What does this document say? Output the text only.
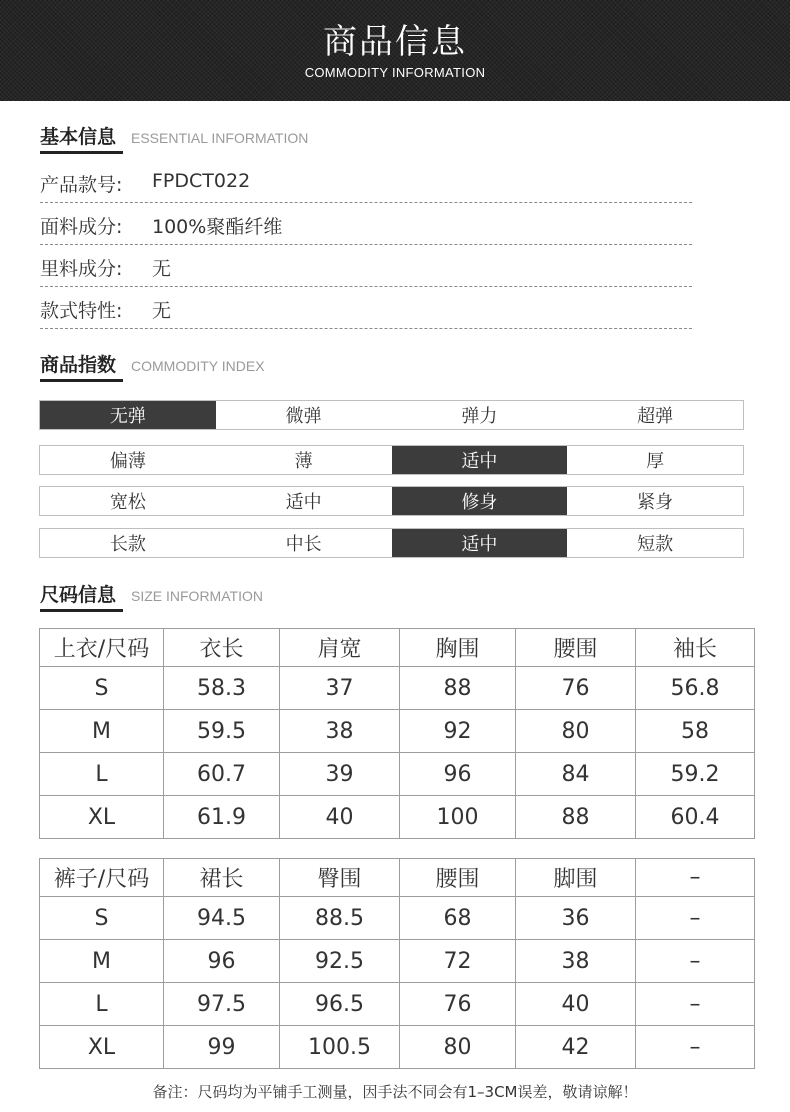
商品信息
COMMODITY INFORMATION
基本信息 ESSENTIAL INFORMATION
产品款号: FPDCT022
面料成分: 100%聚酯纤维
里料成分: 无
款式特性: 无
商品指数 COMMODITY INDEX
无弹	微弹	弹力	超弹
偏薄	薄	适中	厚
宽松	适中	修身	紧身
长款	中长	适中	短款
尺码信息 SIZE INFORMATION
上衣/尺码	衣长	肩宽	胸围	腰围	袖长
S	58.3	37	88	76	56.8
M	59.5	38	92	80	58
L	60.7	39	96	84	59.2
XL	61.9	40	100	88	60.4
裤子/尺码	裙长	臀围	腰围	脚围	–
S	94.5	88.5	68	36	–
M	96	92.5	72	38	–
L	97.5	96.5	76	40	–
XL	99	100.5	80	42	–
备注：尺码均为平铺手工测量，因手法不同会有1–3CM误差，敬请谅解！
